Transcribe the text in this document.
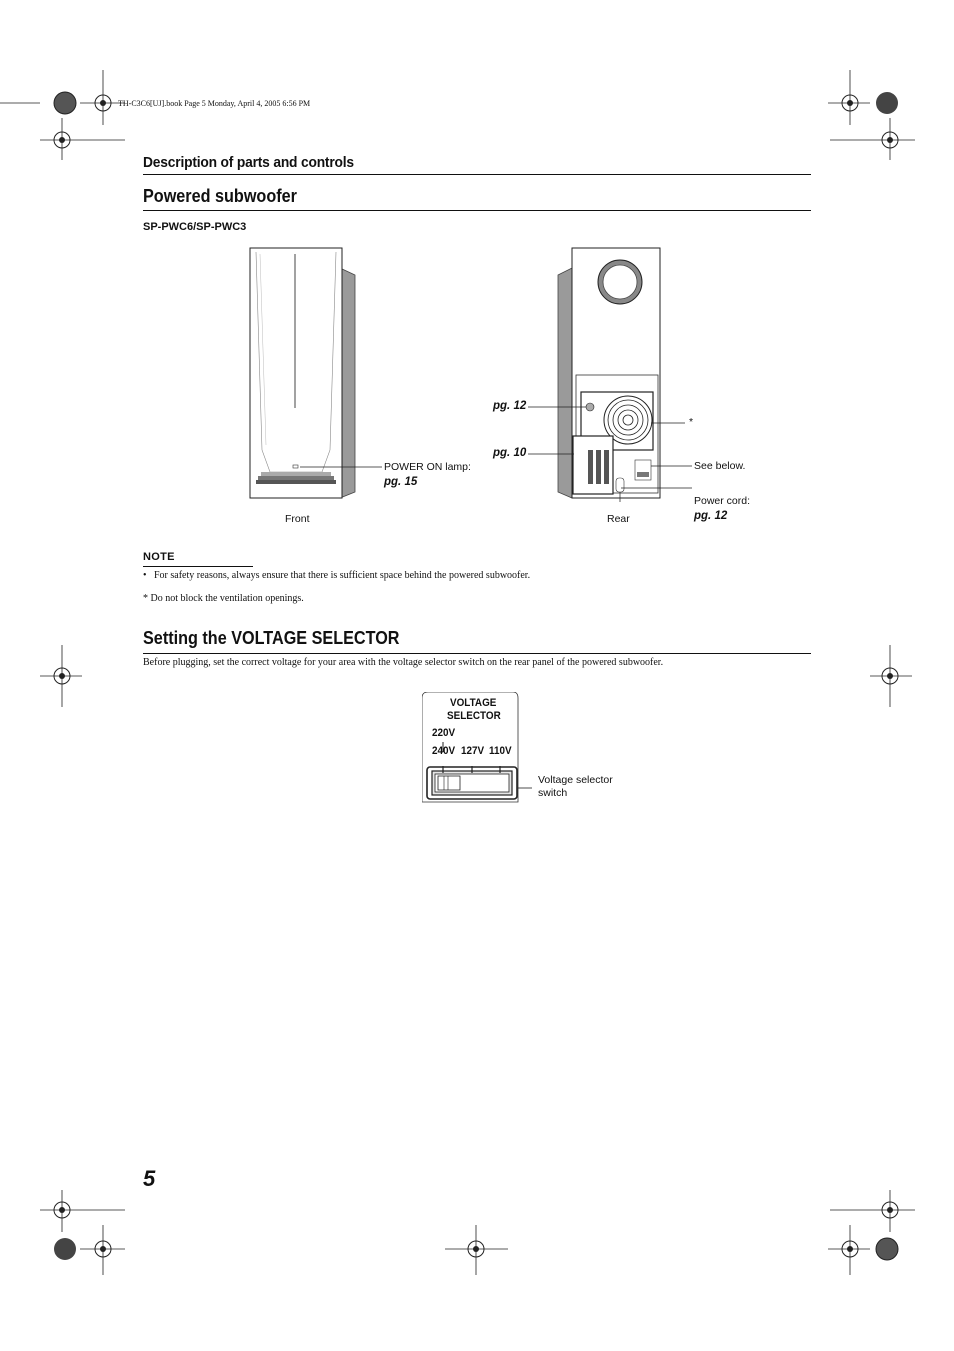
TH-C3C6[UJ].book Page 5 Monday, April 4, 2005 6:56 PM
Description of parts and controls
Powered subwoofer
SP-PWC6/SP-PWC3
Front	Rear
POWER ON lamp:
pg. 15
pg. 12
pg. 10
*
See below.
Power cord:
pg. 12
NOTE
• For safety reasons, always ensure that there is sufficient space behind the powered subwoofer.
* Do not block the ventilation openings.
Setting the VOLTAGE SELECTOR
Before plugging, set the correct voltage for your area with the voltage selector switch on the rear panel of the powered subwoofer.
VOLTAGE
SELECTOR
220V
240V 127V 110V
Voltage selector
switch
5
